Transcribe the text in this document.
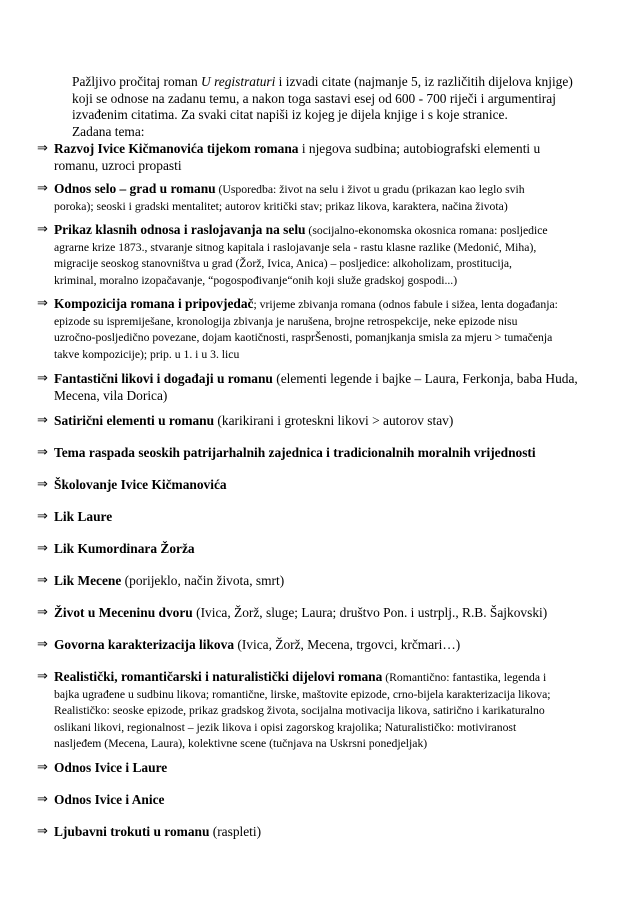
Pažljivo pročitaj roman U registraturi i izvadi citate (najmanje 5, iz različitih dijelova knjige)
koji se odnose na zadanu temu, a nakon toga sastavi esej od 600 - 700 riječi i argumentiraj
izvađenim citatima. Za svaki citat napiši iz kojeg je dijela knjige i s koje stranice.
Zadana tema:
⇒ Razvoj Ivice Kičmanovića tijekom romana i njegova sudbina; autobiografski elementi u
romanu, uzroci propasti
⇒ Odnos selo – grad u romanu (Usporedba: život na selu i život u gradu (prikazan kao leglo svih
poroka); seoski i gradski mentalitet; autorov kritički stav; prikaz likova, karaktera, načina života)
⇒ Prikaz klasnih odnosa i raslojavanja na selu (socijalno-ekonomska okosnica romana: posljedice
agrarne krize 1873., stvaranje sitnog kapitala i raslojavanje sela - rastu klasne razlike (Medonić, Miha),
migracije seoskog stanovništva u grad (Žorž, Ivica, Anica) – posljedice: alkoholizam, prostitucija,
kriminal, moralno izopačavanje, “pogospođivanje“onih koji služe gradskoj gospodi...)
⇒ Kompozicija romana i pripovjedač; vrijeme zbivanja romana (odnos fabule i sižea, lenta događanja:
epizode su ispremiješane, kronologija zbivanja je narušena, brojne retrospekcije, neke epizode nisu
uzročno-posljedično povezane, dojam kaotičnosti, rasprŠenosti, pomanjkanja smisla za mjeru > tumačenja
takve kompozicije); prip. u 1. i u 3. licu
⇒ Fantastični likovi i događaji u romanu (elementi legende i bajke – Laura, Ferkonja, baba Huda,
Mecena, vila Dorica)
⇒ Satirični elementi u romanu (karikirani i groteskni likovi > autorov stav)
⇒ Tema raspada seoskih patrijarhalnih zajednica i tradicionalnih moralnih vrijednosti
⇒ Školovanje Ivice Kičmanovića
⇒ Lik Laure
⇒ Lik Kumordinara Žorža
⇒ Lik Mecene (porijeklo, način života, smrt)
⇒ Život u Meceninu dvoru (Ivica, Žorž, sluge; Laura; društvo Pon. i ustrplj., R.B. Šajkovski)
⇒ Govorna karakterizacija likova (Ivica, Žorž, Mecena, trgovci, krčmari…)
⇒ Realistički, romantičarski i naturalistički dijelovi romana (Romantično: fantastika, legenda i
bajka ugrađene u sudbinu likova; romantične, lirske, maštovite epizode, crno-bijela karakterizacija likova;
Realističko: seoske epizode, prikaz gradskog života, socijalna motivacija likova, satirično i karikaturalno
oslikani likovi, regionalnost – jezik likova i opisi zagorskog krajolika; Naturalističko: motiviranost
nasljeđem (Mecena, Laura), kolektivne scene (tučnjava na Uskrsni ponedjeljak)
⇒ Odnos Ivice i Laure
⇒ Odnos Ivice i Anice
⇒ Ljubavni trokuti u romanu (raspleti)
